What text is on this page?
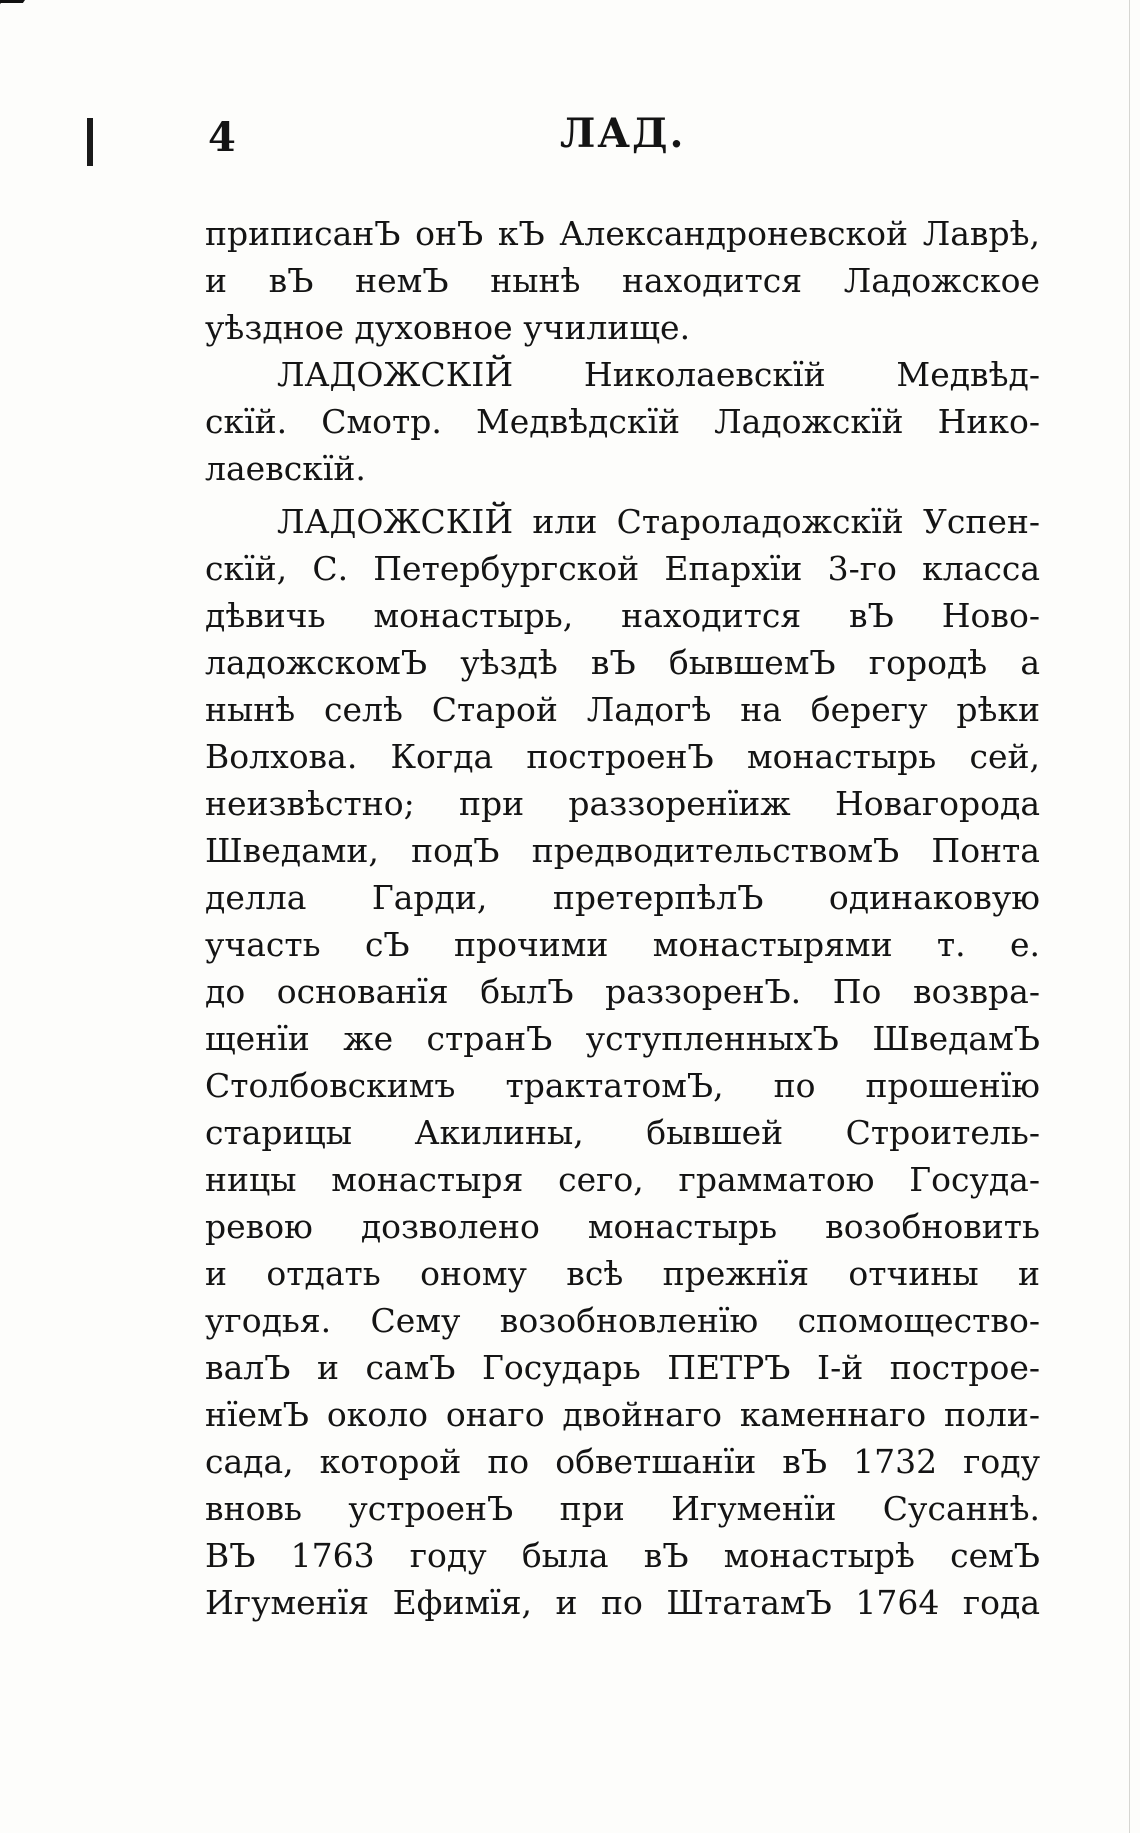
4	ЛАД.
приписанЪ онЪ кЪ Александроневской Лаврѣ,
и вЪ немЪ нынѣ находится Ладожское
уѣздное духовное училище.
ЛАДОЖСКIЙ Николаевскїй Медвѣд-
скїй. Смотр. Медвѣдскїй Ладожскїй Нико-
лаевскїй.
ЛАДОЖСКIЙ или Староладожскїй Успен-
скїй, С. Петербургской Епархїи 3-го класса
дѣвичь монастырь, находится вЪ Ново-
ладожскомЪ уѣздѣ вЪ бывшемЪ городѣ а
нынѣ селѣ Старой Ладогѣ на берегу рѣки
Волхова. Когда построенЪ монастырь сей,
неизвѣстно; при раззоренїиж Новагорода
Шведами, подЪ предводительствомЪ Понта
делла Гарди, претерпѣлЪ одинаковую
участь сЪ прочими монастырями т. е.
до основанїя былЪ раззоренЪ. По возвра-
щенїи же странЪ уступленныхЪ ШведамЪ
Столбовскимъ трактатомЪ, по прошенїю
старицы Акилины, бывшей Строитель-
ницы монастыря сего, грамматою Госуда-
ревою дозволено монастырь возобновить
и отдать оному всѣ прежнїя отчины и
угодья. Сему возобновленїю спомоществo-
валЪ и самЪ Государь ПЕТРЪ I-й построе-
нїемЪ около онаго двойнаго каменнаго поли-
сада, которой по обветшанїи вЪ 1732 году
вновь устроенЪ при Игуменїи Сусаннѣ.
ВЪ 1763 году была вЪ монастырѣ семЪ
Игуменїя Ефимїя, и по ШтатамЪ 1764 года
